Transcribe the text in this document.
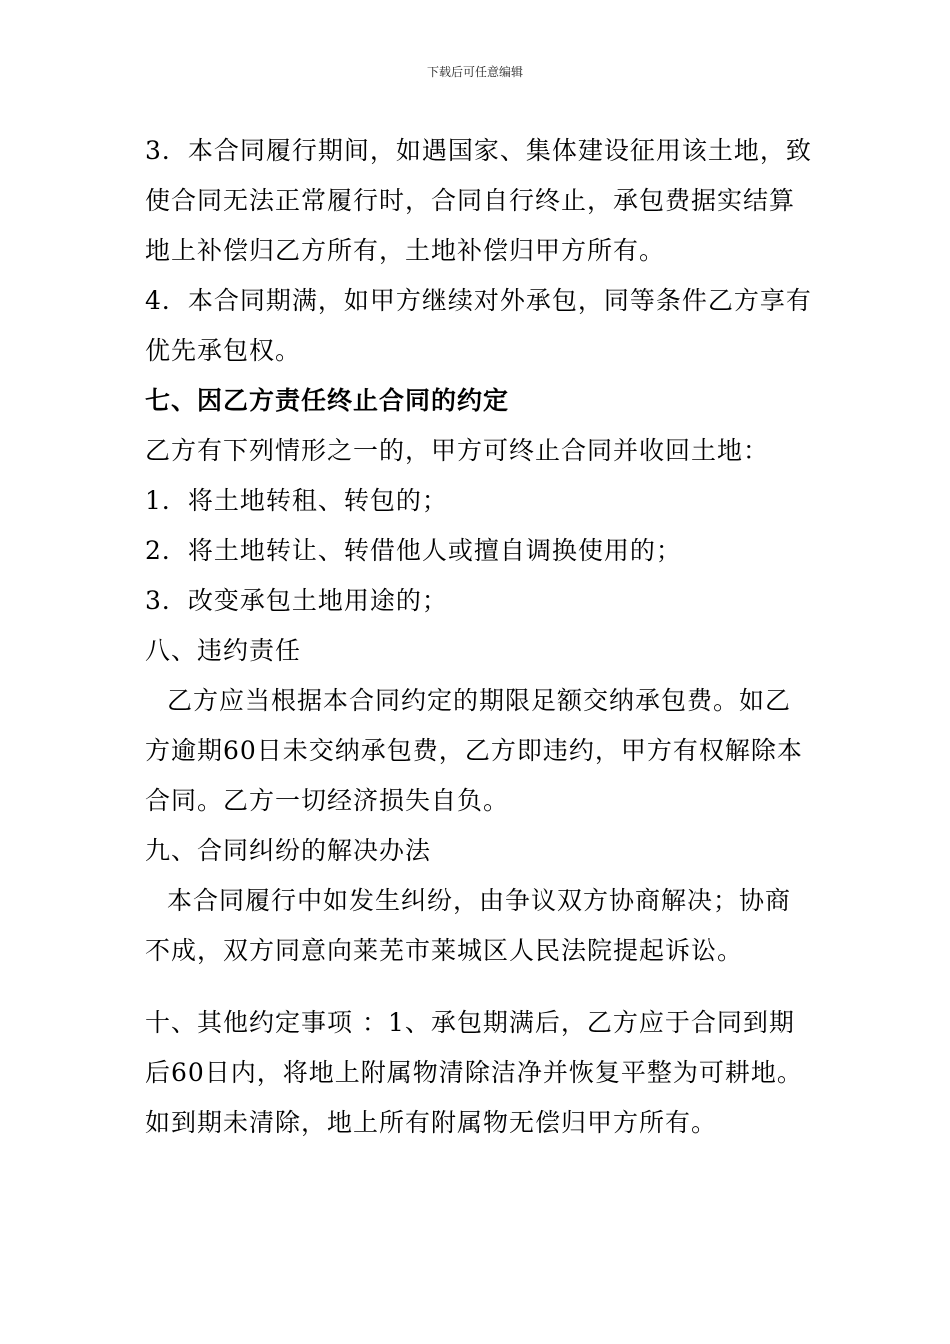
下载后可任意编辑
3．本合同履行期间，如遇国家、集体建设征用该土地，致
使合同无法正常履行时，合同自行终止，承包费据实结算
地上补偿归乙方所有，土地补偿归甲方所有。
4．本合同期满，如甲方继续对外承包，同等条件乙方享有
优先承包权。
七、因乙方责任终止合同的约定
乙方有下列情形之一的，甲方可终止合同并收回土地：
1．将土地转租、转包的；
2．将土地转让、转借他人或擅自调换使用的；
3．改变承包土地用途的；
八、违约责任
乙方应当根据本合同约定的期限足额交纳承包费。如乙
方逾期60日未交纳承包费，乙方即违约，甲方有权解除本
合同。乙方一切经济损失自负。
九、合同纠纷的解决办法
本合同履行中如发生纠纷，由争议双方协商解决；协商
不成，双方同意向莱芜市莱城区人民法院提起诉讼。
十、其他约定事项 ：1、承包期满后，乙方应于合同到期
后60日内，将地上附属物清除洁净并恢复平整为可耕地。
如到期未清除，地上所有附属物无偿归甲方所有。
